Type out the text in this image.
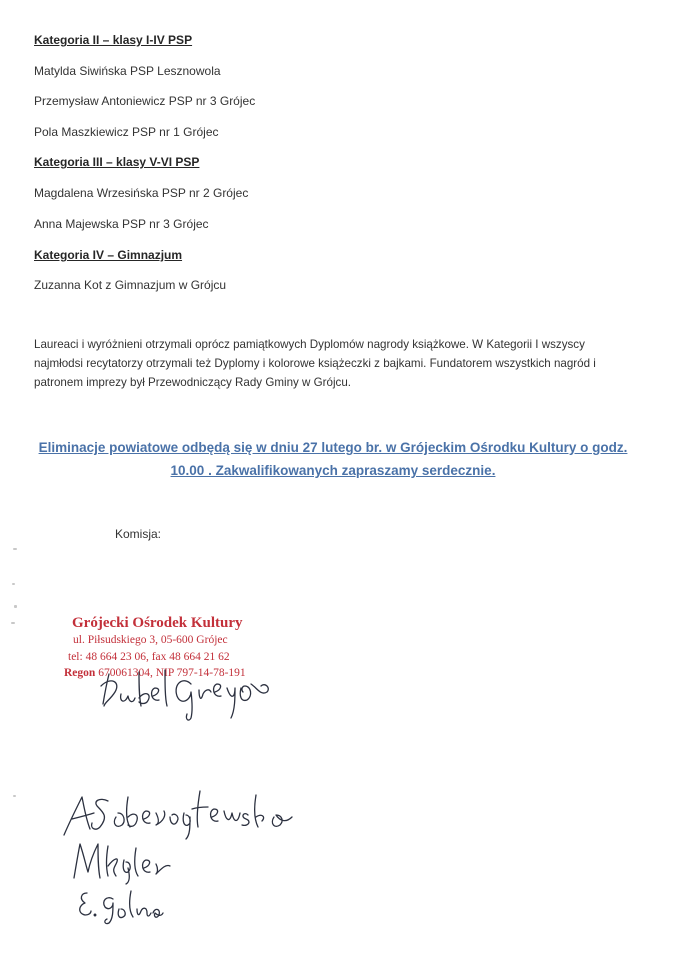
Kategoria II – klasy I-IV PSP
Matylda Siwińska PSP Lesznowola
Przemysław Antoniewicz PSP nr 3 Grójec
Pola Maszkiewicz PSP nr 1 Grójec
Kategoria III – klasy V-VI PSP
Magdalena Wrzesińska PSP nr 2 Grójec
Anna Majewska PSP nr 3 Grójec
Kategoria IV – Gimnazjum
Zuzanna Kot z Gimnazjum w Grójcu
Laureaci i wyróżnieni otrzymali oprócz pamiątkowych Dyplomów nagrody książkowe. W Kategorii I wszyscy najmłodsi recytatorzy otrzymali też Dyplomy i kolorowe książeczki z bajkami. Fundatorem wszystkich nagród i patronem imprezy był Przewodniczący Rady Gminy w Grójcu.
Eliminacje powiatowe odbędą się w dniu 27 lutego br. w Grójeckim Ośrodku Kultury o godz. 10.00 . Zakwalifikowanych zapraszamy serdecznie.
Komisja:
Grójecki Ośrodek Kultury
ul. Piłsudskiego 3, 05-600 Grójec
tel: 48 664 23 06, fax 48 664 21 62
Regon 670061304, NIP 797-14-78-191
